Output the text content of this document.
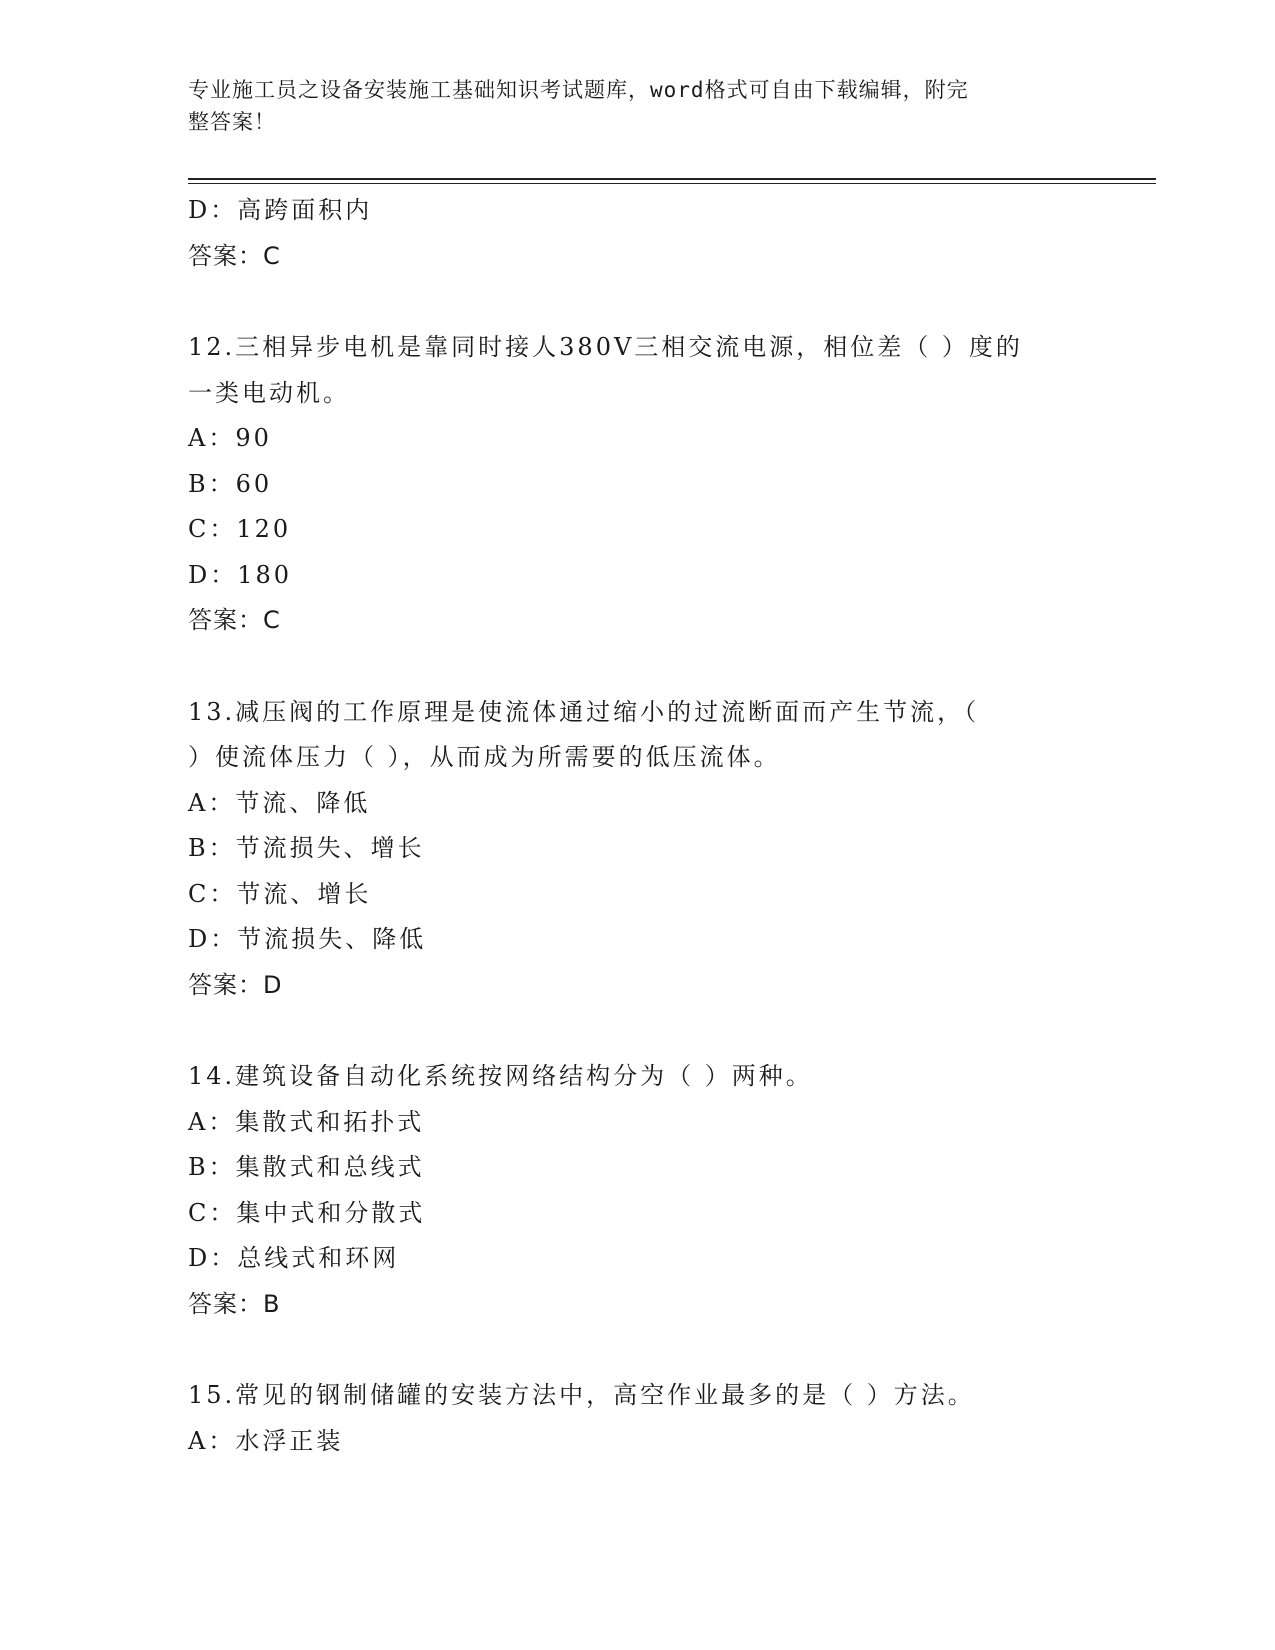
专业施工员之设备安装施工基础知识考试题库，word格式可自由下载编辑，附完
整答案！
D：高跨面积内
答案：C
12.三相异步电机是靠同时接人380V三相交流电源，相位差（ ）度的
一类电动机。
A：90
B：60
C：120
D：180
答案：C
13.减压阀的工作原理是使流体通过缩小的过流断面而产生节流，（
）使流体压力（ ），从而成为所需要的低压流体。
A：节流、降低
B：节流损失、增长
C：节流、增长
D：节流损失、降低
答案：D
14.建筑设备自动化系统按网络结构分为（ ）两种。
A：集散式和拓扑式
B：集散式和总线式
C：集中式和分散式
D：总线式和环网
答案：B
15.常见的钢制储罐的安装方法中，高空作业最多的是（ ）方法。
A：水浮正装
